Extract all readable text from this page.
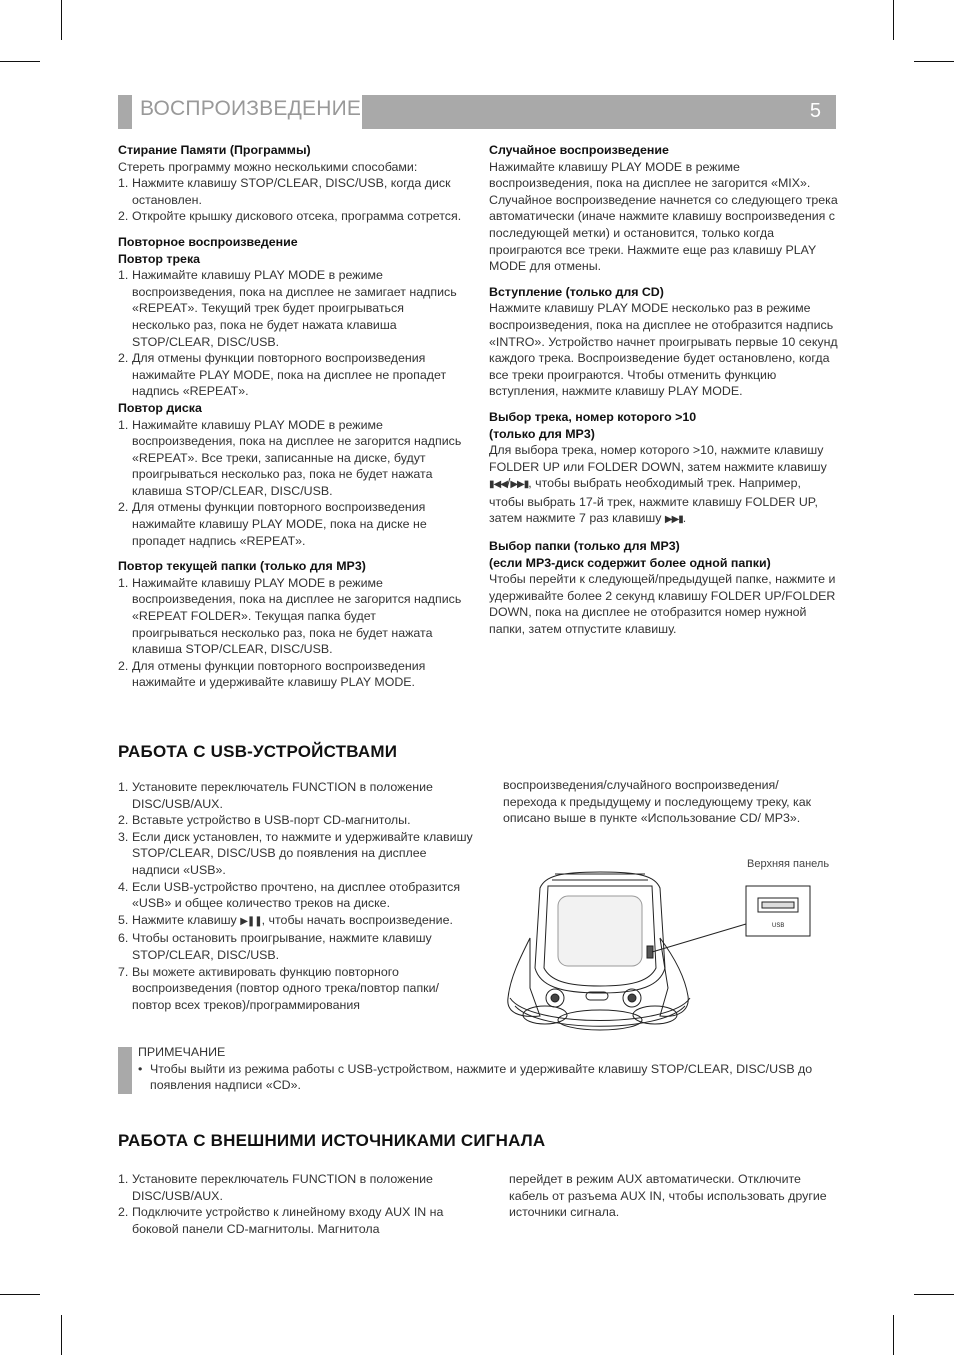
ВОСПРОИЗВЕДЕНИЕ	5

Стирание Памяти (Программы)

Стереть программу можно несколькими способами:

1. Нажмите клавишу STOP/CLEAR, DISC/USB, когда диск остановлен.
2. Откройте крышку дискового отсека, программа сотрется.

Повторное воспроизведение

Повтор трека

1. Нажимайте клавишу PLAY MODE в режиме воспроизведения, пока на дисплее не замигает надпись «REPEAT». Текущий трек будет проигрываться несколько раз, пока не будет нажата клавиша STOP/CLEAR, DISC/USB.
2. Для отмены функции повторного воспроизведения нажимайте PLAY MODE, пока на дисплее не пропадет надпись «REPEAT».

Повтор диска

1. Нажимайте клавишу PLAY MODE в режиме воспроизведения, пока на дисплее не загорится надпись «REPEAT». Все треки, записанные на диске, будут проигрываться несколько раз, пока не будет нажата клавиша STOP/CLEAR, DISC/USB.
2. Для отмены функции повторного воспроизведения нажимайте клавишу PLAY MODE, пока на диске не пропадет надпись «REPEAT».

Повтор текущей папки (только для MP3)

1. Нажимайте клавишу PLAY MODE в режиме воспроизведения, пока на дисплее не загорится надпись «REPEAT FOLDER». Текущая папка будет проигрываться несколько раз, пока не будет нажата клавиша STOP/CLEAR, DISC/USB.
2. Для отмены функции повторного воспроизведения нажимайте и удерживайте клавишу PLAY MODE.

Случайное воспроизведение

Нажимайте клавишу PLAY MODE в режиме воспроизведения, пока на дисплее не загорится «MIX». Случайное воспроизведение начнется со следующего трека автоматически (иначе нажмите клавишу воспроизведения с последующей метки) и остановится, только когда проиграются все треки. Нажмите еще раз клавишу PLAY MODE для отмены.

Вступление (только для CD)

Нажмите клавишу PLAY MODE несколько раз в режиме воспроизведения, пока на дисплее не отобразится надпись «INTRO». Устройство начнет проигрывать первые 10 секунд каждого трека. Воспроизведение будет остановлено, когда все треки проиграются. Чтобы отменить функцию вступления, нажмите клавишу PLAY MODE.

Выбор трека, номер которого >10

(только для MP3)

Для выбора трека, номер которого >10, нажмите клавишу FOLDER UP или FOLDER DOWN, затем нажмите клавишу ▮◀◀/▶▶▮, чтобы выбрать необходимый трек. Например, чтобы выбрать 17-й трек, нажмите клавишу FOLDER UP, затем нажмите 7 раз клавишу ▶▶▮.

Выбор папки (только для MP3)

(если MP3-диск содержит более одной папки)

Чтобы перейти к следующей/предыдущей папке, нажмите и удерживайте более 2 секунд клавишу FOLDER UP/FOLDER DOWN, пока на дисплее не отобразится номер нужной папки, затем отпустите клавишу.

РАБОТА С USB-УСТРОЙСТВАМИ
1. Установите переключатель FUNCTION в положение DISC/USB/AUX.
2. Вставьте устройство в USB-порт CD-магнитолы.
3. Если диск установлен, то нажмите и удерживайте клавишу STOP/CLEAR, DISC/USB до появления на дисплее надписи «USB».
4. Если USB-устройство прочтено, на дисплее отобразится «USB» и общее количество треков на диске.
5. Нажмите клавишу ▶❚❚, чтобы начать воспроизведение.
6. Чтобы остановить проигрывание, нажмите клавишу STOP/CLEAR, DISC/USB.
7. Вы можете активировать функцию повторного воспроизведения (повтор одного трека/повтор папки/повтор всех треков)/программирования

воспроизведения/случайного воспроизведения/ перехода к предыдущему и последующему треку, как описано выше в пункте «Использование CD/ MP3».

Верхняя панель
USB
ПРИМЕЧАНИЕ
• Чтобы выйти из режима работы с USB-устройством, нажмите и удерживайте клавишу STOP/CLEAR, DISC/USB до появления надписи «CD».
РАБОТА С ВНЕШНИМИ ИСТОЧНИКАМИ СИГНАЛА
1. Установите переключатель FUNCTION в положение DISC/USB/AUX.
2. Подключите устройство к линейному входу AUX IN на боковой панели CD-магнитолы. Магнитола

перейдет в режим AUX автоматически. Отключите кабель от разъема AUX IN, чтобы использовать другие источники сигнала.
